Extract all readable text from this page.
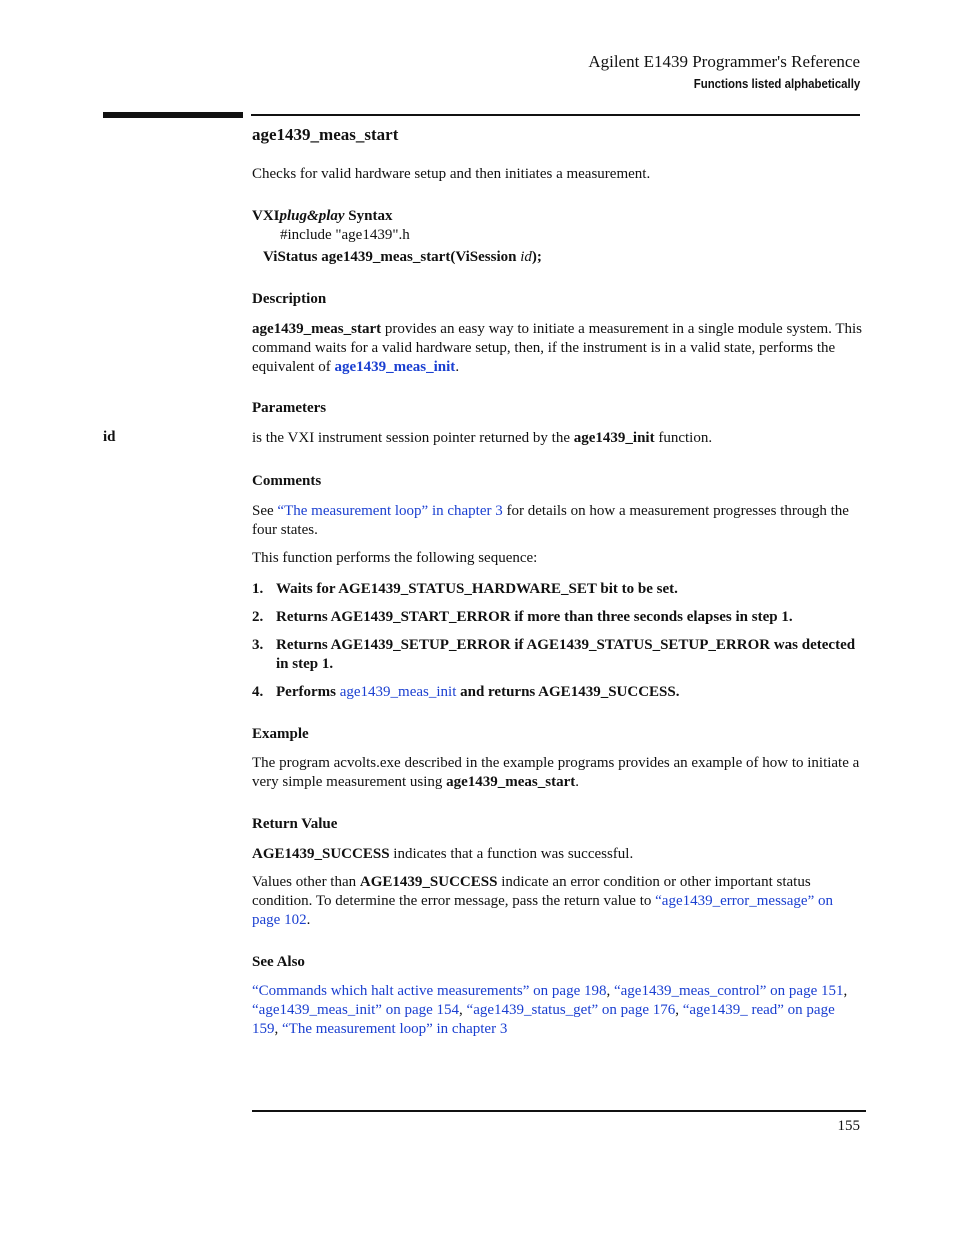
Agilent E1439 Programmer's Reference
Functions listed alphabetically
age1439_meas_start
Checks for valid hardware setup and then initiates a measurement.
VXIplug&play Syntax
#include "age1439".h
ViStatus age1439_meas_start(ViSession id);
Description
age1439_meas_start provides an easy way to initiate a measurement in a single module system. This command waits for a valid hardware setup, then, if the instrument is in a valid state, performs the equivalent of age1439_meas_init.
Parameters
id	is the VXI instrument session pointer returned by the age1439_init function.
Comments
See “The measurement loop” in chapter 3 for details on how a measurement progresses through the four states.
This function performs the following sequence:
1. Waits for AGE1439_STATUS_HARDWARE_SET bit to be set.
2. Returns AGE1439_START_ERROR if more than three seconds elapses in step 1.
3. Returns AGE1439_SETUP_ERROR if AGE1439_STATUS_SETUP_ERROR was detected in step 1.
4. Performs age1439_meas_init and returns AGE1439_SUCCESS.
Example
The program acvolts.exe described in the example programs provides an example of how to initiate a very simple measurement using age1439_meas_start.
Return Value
AGE1439_SUCCESS indicates that a function was successful.
Values other than AGE1439_SUCCESS indicate an error condition or other important status condition. To determine the error message, pass the return value to “age1439_error_message” on page 102.
See Also
“Commands which halt active measurements” on page 198, “age1439_meas_control” on page 151, “age1439_meas_init” on page 154, “age1439_status_get” on page 176, “age1439_ read” on page 159, “The measurement loop” in chapter 3
155
